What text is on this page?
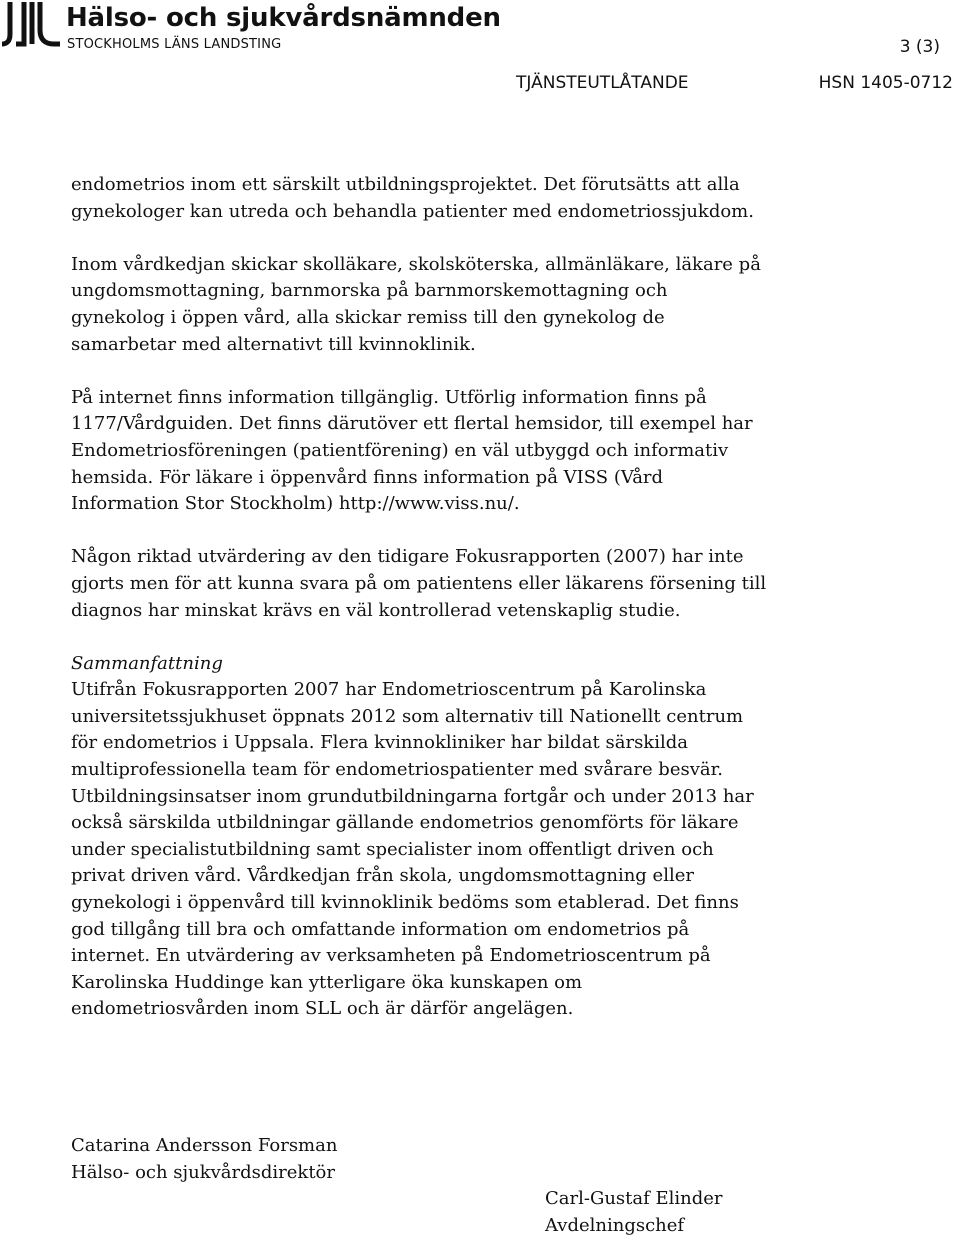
Hälso- och sjukvårdsnämnden
STOCKHOLMS LÄNS LANDSTING	3 (3)
TJÄNSTEUTLÅTANDE	HSN 1405-0712

endometrios inom ett särskilt utbildningsprojektet. Det förutsätts att alla

gynekologer kan utreda och behandla patienter med endometriossjukdom.

Inom vårdkedjan skickar skolläkare, skolsköterska, allmänläkare, läkare på

ungdomsmottagning, barnmorska på barnmorskemottagning och

gynekolog i öppen vård, alla skickar remiss till den gynekolog de

samarbetar med alternativt till kvinnoklinik.

På internet finns information tillgänglig. Utförlig information finns på

1177/Vårdguiden. Det finns därutöver ett flertal hemsidor, till exempel har

Endometriosföreningen (patientförening) en väl utbyggd och informativ

hemsida. För läkare i öppenvård finns information på VISS (Vård

Information Stor Stockholm) http://www.viss.nu/.

Någon riktad utvärdering av den tidigare Fokusrapporten (2007) har inte

gjorts men för att kunna svara på om patientens eller läkarens försening till

diagnos har minskat krävs en väl kontrollerad vetenskaplig studie.

Sammanfattning

Utifrån Fokusrapporten 2007 har Endometrioscentrum på Karolinska

universitetssjukhuset öppnats 2012 som alternativ till Nationellt centrum

för endometrios i Uppsala. Flera kvinnokliniker har bildat särskilda

multiprofessionella team för endometriospatienter med svårare besvär.

Utbildningsinsatser inom grundutbildningarna fortgår och under 2013 har

också särskilda utbildningar gällande endometrios genomförts för läkare

under specialistutbildning samt specialister inom offentligt driven och

privat driven vård. Vårdkedjan från skola, ungdomsmottagning eller

gynekologi i öppenvård till kvinnoklinik bedöms som etablerad. Det finns

god tillgång till bra och omfattande information om endometrios på

internet. En utvärdering av verksamheten på Endometrioscentrum på

Karolinska Huddinge kan ytterligare öka kunskapen om

endometriosvården inom SLL och är därför angelägen.

Catarina Andersson Forsman

Hälso- och sjukvårdsdirektör

Carl-Gustaf Elinder

Avdelningschef
